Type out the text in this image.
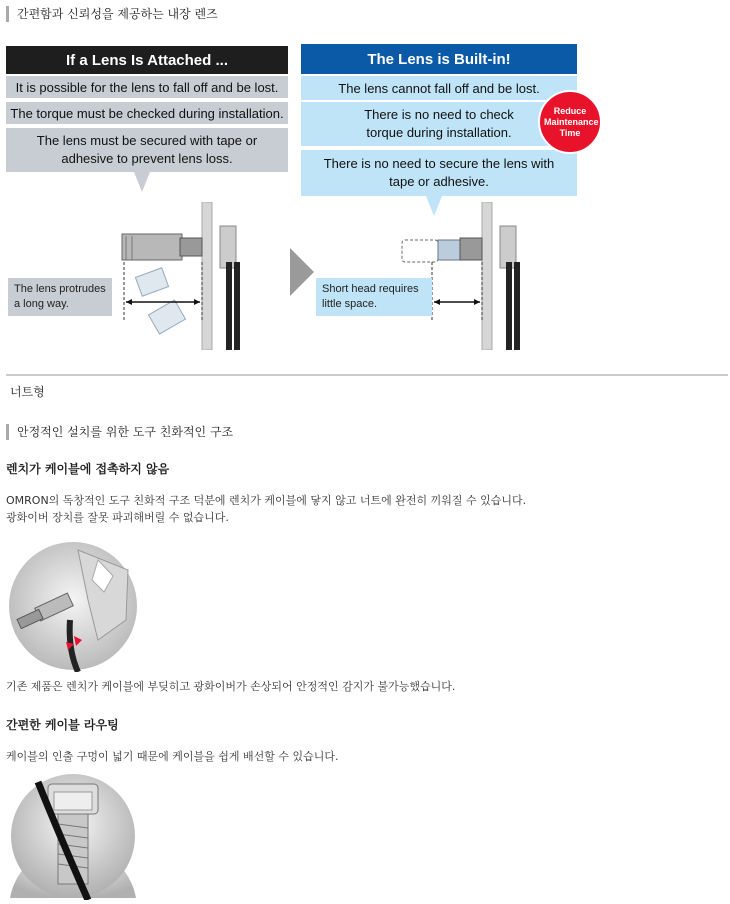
간편함과 신뢰성을 제공하는 내장 렌즈
If a Lens Is Attached ...
It is possible for the lens to fall off and be lost.
The torque must be checked during installation.
The lens must be secured with tape or adhesive to prevent lens loss.
The lens protrudes a long way.
The Lens is Built-in!
The lens cannot fall off and be lost.
There is no need to check torque during installation.
There is no need to secure the lens with tape or adhesive.
Reduce Maintenance Time
Short head requires little space.
너트형
안정적인 설치를 위한 도구 친화적인 구조
렌치가 케이블에 접촉하지 않음
OMRON의 독창적인 도구 친화적 구조 덕분에 렌치가 케이블에 닿지 않고 너트에 완전히 끼워질 수 있습니다.
광화이버 장치를 잘못 파괴해버릴 수 없습니다.
기존 제품은 렌치가 케이블에 부딪히고 광화이버가 손상되어 안정적인 감지가 불가능했습니다.
간편한 케이블 라우팅
케이블의 인출 구멍이 넓기 때문에 케이블을 쉽게 배선할 수 있습니다.
